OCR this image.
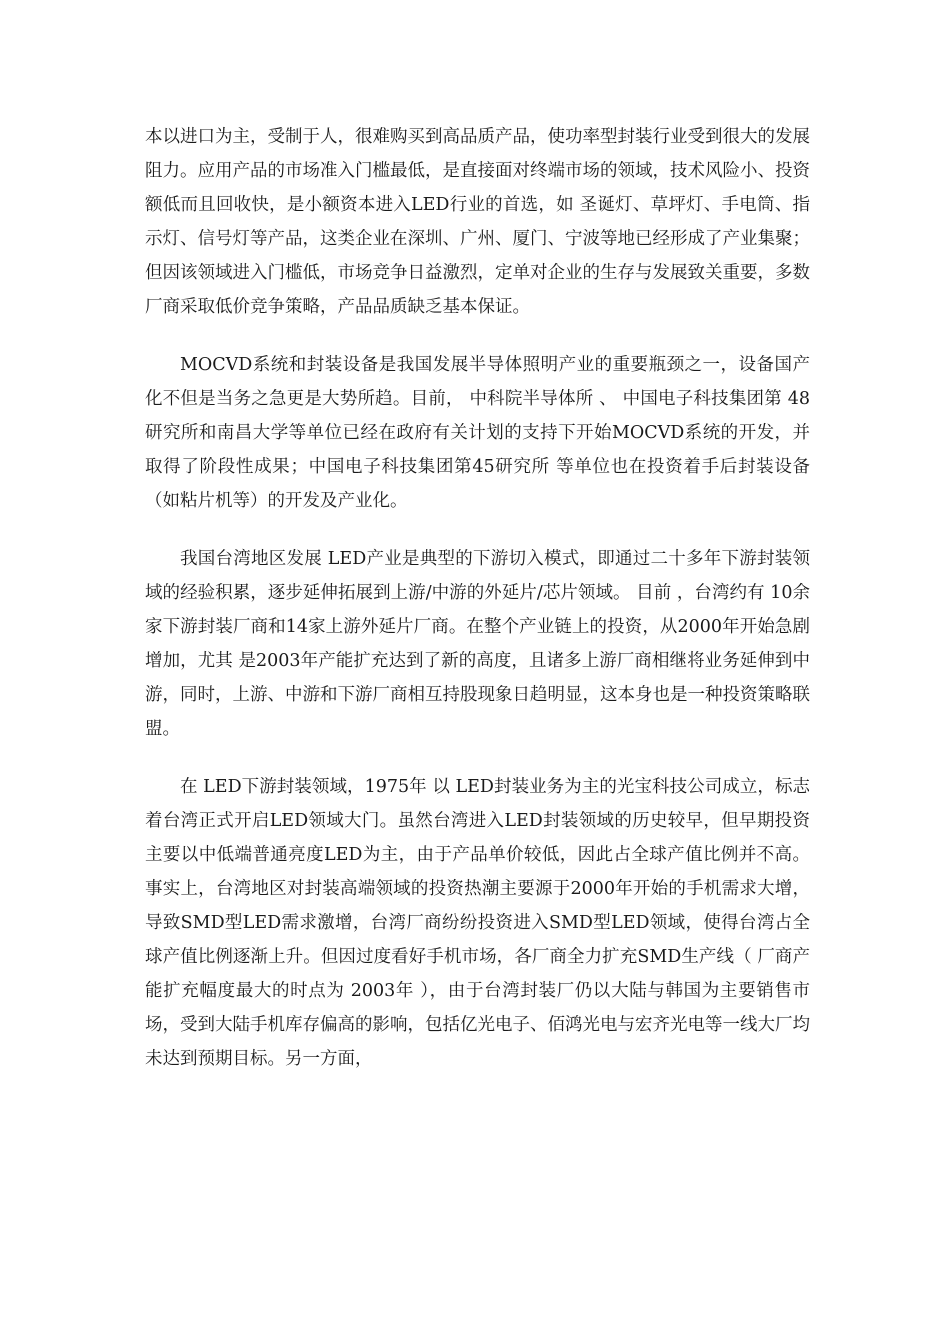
本以进口为主，受制于人，很难购买到高品质产品，使功率型封装行业受到很大的发展阻力。应用产品的市场准入门槛最低，是直接面对终端市场的领域，技术风险小、投资额低而且回收快，是小额资本进入LED行业的首选，如 圣诞灯、草坪灯、手电筒、指示灯、信号灯等产品，这类企业在深圳、广州、厦门、宁波等地已经形成了产业集聚；但因该领域进入门槛低，市场竞争日益激烈，定单对企业的生存与发展致关重要，多数厂商采取低价竞争策略，产品品质缺乏基本保证。

MOCVD系统和封装设备是我国发展半导体照明产业的重要瓶颈之一，设备国产化不但是当务之急更是大势所趋。目前， 中科院半导体所 、 中国电子科技集团第 48研究所和南昌大学等单位已经在政府有关计划的支持下开始MOCVD系统的开发，并取得了阶段性成果；中国电子科技集团第45研究所 等单位也在投资着手后封装设备（如粘片机等）的开发及产业化。

我国台湾地区发展 LED产业是典型的下游切入模式，即通过二十多年下游封装领域的经验积累，逐步延伸拓展到上游/中游的外延片/芯片领域。 目前 ，台湾约有 10余家下游封装厂商和14家上游外延片厂商。在整个产业链上的投资，从2000年开始急剧增加，尤其 是2003年产能扩充达到了新的高度，且诸多上游厂商相继将业务延伸到中游，同时，上游、中游和下游厂商相互持股现象日趋明显，这本身也是一种投资策略联盟。

在 LED下游封装领域，1975年 以 LED封装业务为主的光宝科技公司成立，标志着台湾正式开启LED领域大门。虽然台湾进入LED封装领域的历史较早，但早期投资主要以中低端普通亮度LED为主，由于产品单价较低，因此占全球产值比例并不高。事实上，台湾地区对封装高端领域的投资热潮主要源于2000年开始的手机需求大增，导致SMD型LED需求激增，台湾厂商纷纷投资进入SMD型LED领域，使得台湾占全球产值比例逐渐上升。但因过度看好手机市场，各厂商全力扩充SMD生产线（ 厂商产能扩充幅度最大的时点为 2003年 ），由于台湾封装厂仍以大陆与韩国为主要销售市场，受到大陆手机库存偏高的影响，包括亿光电子、佰鸿光电与宏齐光电等一线大厂均未达到预期目标。另一方面，
